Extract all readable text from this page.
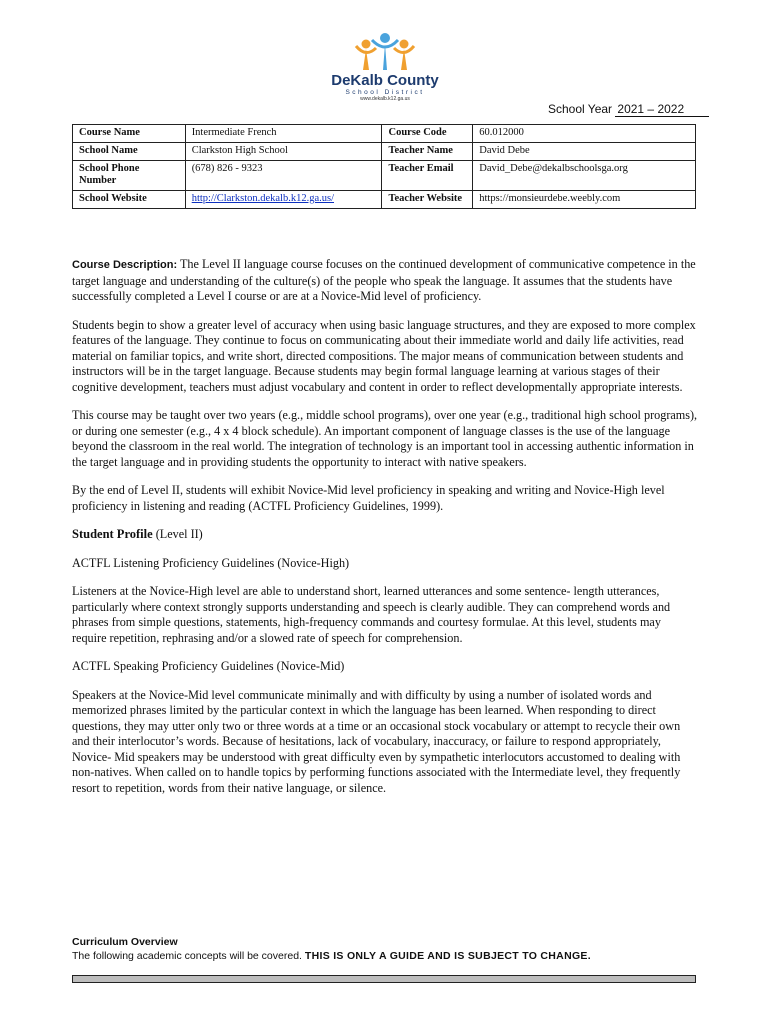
DeKalb County
School District
www.dekalb.k12.ga.us
School Year 2021 – 2022
Course Name	Intermediate French	Course Code	60.012000
School Name	Clarkston High School	Teacher Name	David Debe
School Phone Number	(678) 826 - 9323	Teacher Email	David_Debe@dekalbschoolsga.org
School Website	http://Clarkston.dekalb.k12.ga.us/	Teacher Website	https://monsieurdebe.weebly.com

Course Description: The Level II language course focuses on the continued development of communicative competence in the target language and understanding of the culture(s) of the people who speak the language. It assumes that the students have successfully completed a Level I course or are at a Novice-Mid level of proficiency.

Students begin to show a greater level of accuracy when using basic language structures, and they are exposed to more complex features of the language. They continue to focus on communicating about their immediate world and daily life activities, read material on familiar topics, and write short, directed compositions. The major means of communication between students and instructors will be in the target language. Because students may begin formal language learning at various stages of their cognitive development, teachers must adjust vocabulary and content in order to reflect developmentally appropriate interests.

This course may be taught over two years (e.g., middle school programs), over one year (e.g., traditional high school programs), or during one semester (e.g., 4 x 4 block schedule). An important component of language classes is the use of the language beyond the classroom in the real world. The integration of technology is an important tool in accessing authentic information in the target language and in providing students the opportunity to interact with native speakers.

By the end of Level II, students will exhibit Novice-Mid level proficiency in speaking and writing and Novice-High level proficiency in listening and reading (ACTFL Proficiency Guidelines, 1999).

Student Profile (Level II)

ACTFL Listening Proficiency Guidelines (Novice-High)

Listeners at the Novice-High level are able to understand short, learned utterances and some sentence- length utterances, particularly where context strongly supports understanding and speech is clearly audible. They can comprehend words and phrases from simple questions, statements, high-frequency commands and courtesy formulae. At this level, students may require repetition, rephrasing and/or a slowed rate of speech for comprehension.

ACTFL Speaking Proficiency Guidelines (Novice-Mid)

Speakers at the Novice-Mid level communicate minimally and with difficulty by using a number of isolated words and memorized phrases limited by the particular context in which the language has been learned. When responding to direct questions, they may utter only two or three words at a time or an occasional stock vocabulary or attempt to recycle their own and their interlocutor’s words. Because of hesitations, lack of vocabulary, inaccuracy, or failure to respond appropriately, Novice- Mid speakers may be understood with great difficulty even by sympathetic interlocutors accustomed to dealing with non-natives. When called on to handle topics by performing functions associated with the Intermediate level, they frequently resort to repetition, words from their native language, or silence.

Curriculum Overview
The following academic concepts will be covered. THIS IS ONLY A GUIDE AND IS SUBJECT TO CHANGE.
